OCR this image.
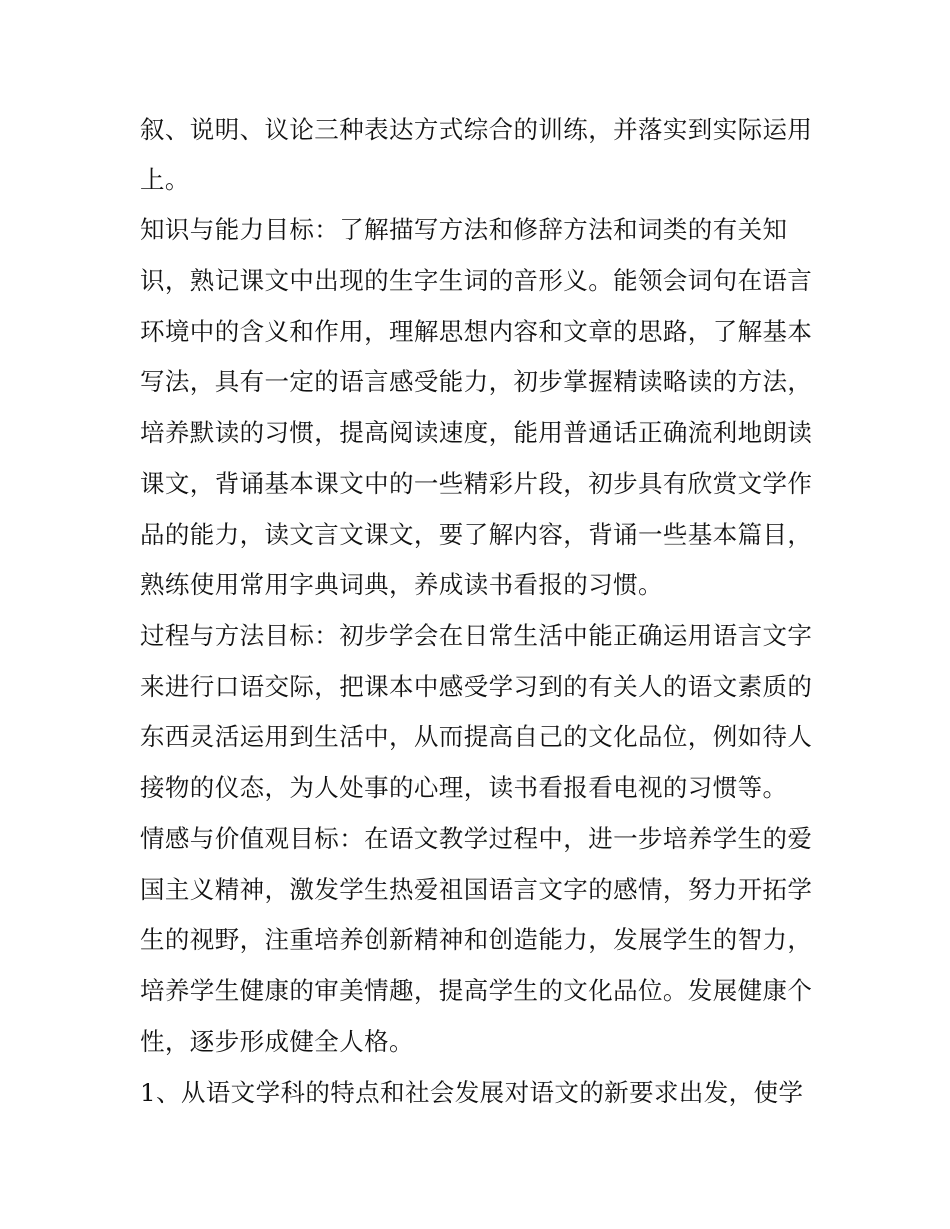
叙、说明、议论三种表达方式综合的训练，并落实到实际运用
上。
知识与能力目标：了解描写方法和修辞方法和词类的有关知
识，熟记课文中出现的生字生词的音形义。能领会词句在语言
环境中的含义和作用，理解思想内容和文章的思路，了解基本
写法，具有一定的语言感受能力，初步掌握精读略读的方法，
培养默读的习惯，提高阅读速度，能用普通话正确流利地朗读
课文，背诵基本课文中的一些精彩片段，初步具有欣赏文学作
品的能力，读文言文课文，要了解内容，背诵一些基本篇目，
熟练使用常用字典词典，养成读书看报的习惯。
过程与方法目标：初步学会在日常生活中能正确运用语言文字
来进行口语交际，把课本中感受学习到的有关人的语文素质的
东西灵活运用到生活中，从而提高自己的文化品位，例如待人
接物的仪态，为人处事的心理，读书看报看电视的习惯等。
情感与价值观目标：在语文教学过程中，进一步培养学生的爱
国主义精神，激发学生热爱祖国语言文字的感情，努力开拓学
生的视野，注重培养创新精神和创造能力，发展学生的智力，
培养学生健康的审美情趣，提高学生的文化品位。发展健康个
性，逐步形成健全人格。
1、从语文学科的特点和社会发展对语文的新要求出发，使学
